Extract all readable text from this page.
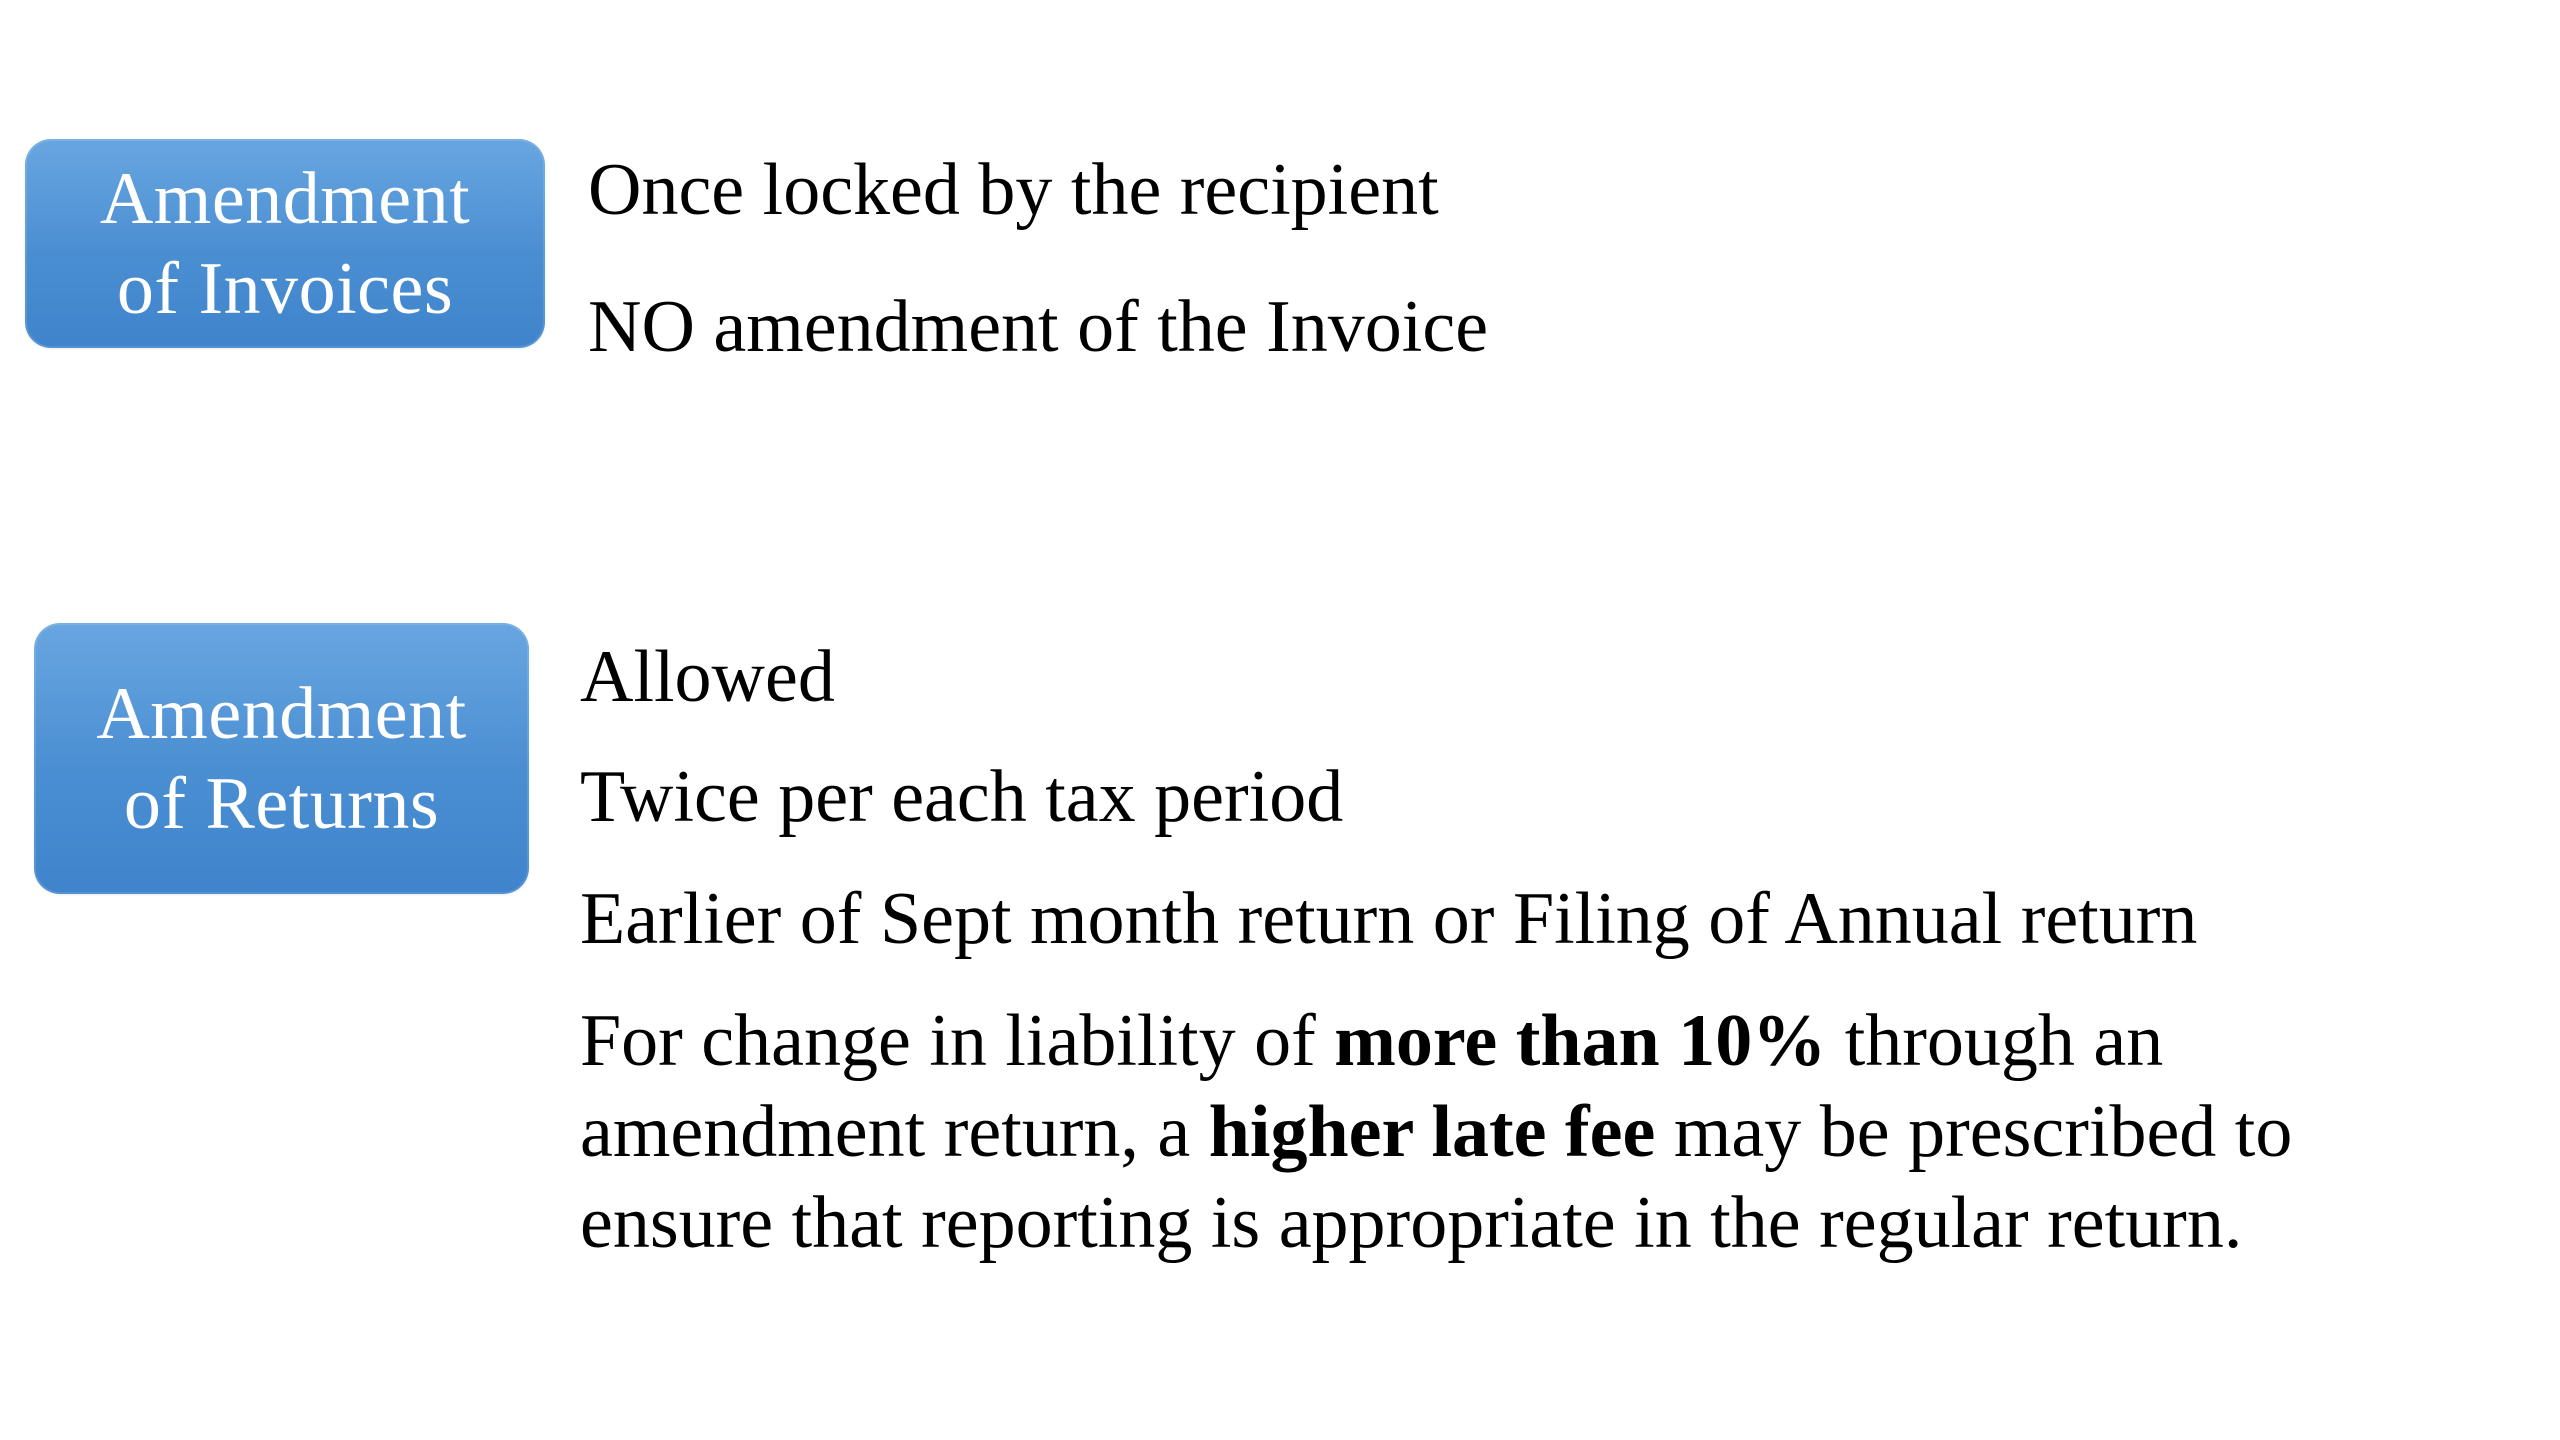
Amendment
of Invoices
Once locked by the recipient
NO amendment of the Invoice
Amendment
of Returns
Allowed
Twice per each tax period
Earlier of Sept month return or Filing of Annual return
For change in liability of more than 10% through an
amendment return, a higher late fee may be prescribed to
ensure that reporting is appropriate in the regular return.
